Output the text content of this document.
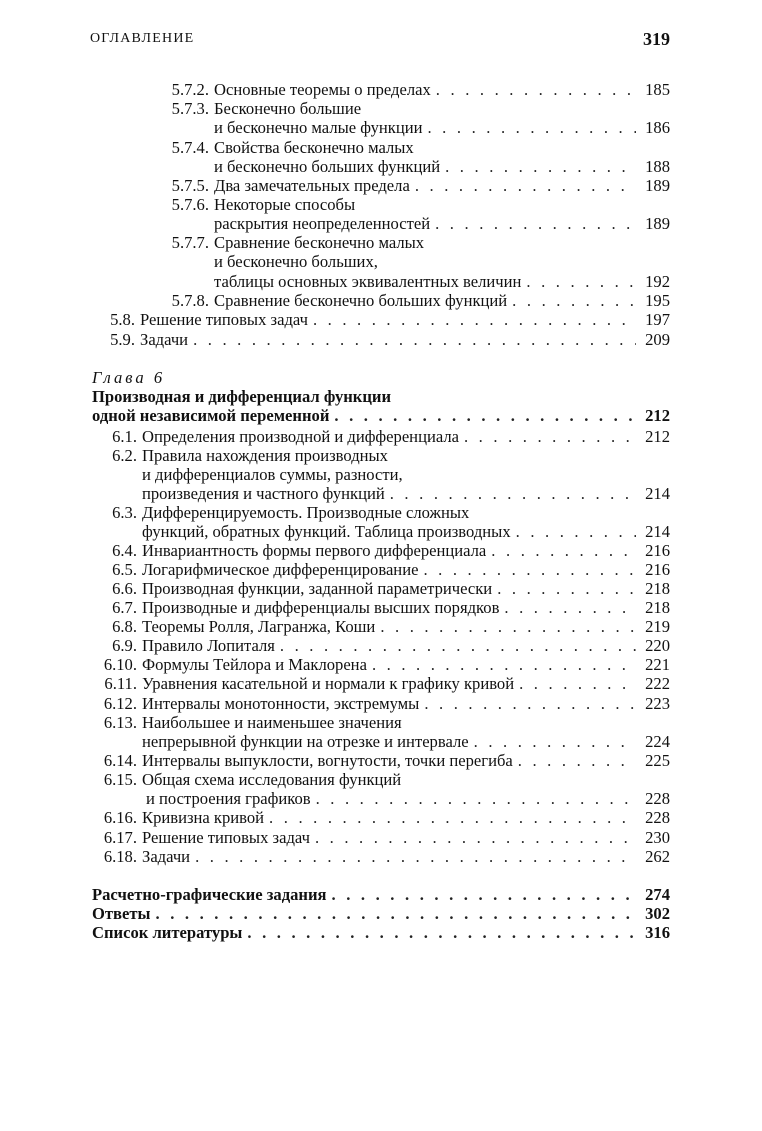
ОГЛАВЛЕНИЕ	319
5.7.2. Основные теоремы о пределах . . .	185
5.7.3. Бесконечно большие
и бесконечно малые функции . . .	186
5.7.4. Свойства бесконечно малых
и бесконечно больших функций . . .	188
5.7.5. Два замечательных предела . . .	189
5.7.6. Некоторые способы
раскрытия неопределенностей . . .	189
5.7.7. Сравнение бесконечно малых
и бесконечно больших,
таблицы основных эквивалентных величин . . .	192
5.7.8. Сравнение бесконечно больших функций . . .	195
5.8. Решение типовых задач . . .	197
5.9. Задачи . . .	209
Глава 6
Производная и дифференциал функции
одной независимой переменной . . .	212
6.1. Определения производной и дифференциала . . .	212
6.2. Правила нахождения производных
и дифференциалов суммы, разности,
произведения и частного функций . . .	214
6.3. Дифференцируемость. Производные сложных
функций, обратных функций. Таблица производных . . .	214
6.4. Инвариантность формы первого дифференциала . . .	216
6.5. Логарифмическое дифференцирование . . .	216
6.6. Производная функции, заданной параметрически . . .	218
6.7. Производные и дифференциалы высших порядков . . .	218
6.8. Теоремы Ролля, Лагранжа, Коши . . .	219
6.9. Правило Лопиталя . . .	220
6.10. Формулы Тейлора и Маклорена . . .	221
6.11. Уравнения касательной и нормали к графику кривой . . .	222
6.12. Интервалы монотонности, экстремумы . . .	223
6.13. Наибольшее и наименьшее значения
непрерывной функции на отрезке и интервале . . .	224
6.14. Интервалы выпуклости, вогнутости, точки перегиба . . .	225
6.15. Общая схема исследования функций
и построения графиков . . .	228
6.16. Кривизна кривой . . .	228
6.17. Решение типовых задач . . .	230
6.18. Задачи . . .	262
Расчетно-графические задания . . .	274
Ответы . . .	302
Список литературы . . .	316
